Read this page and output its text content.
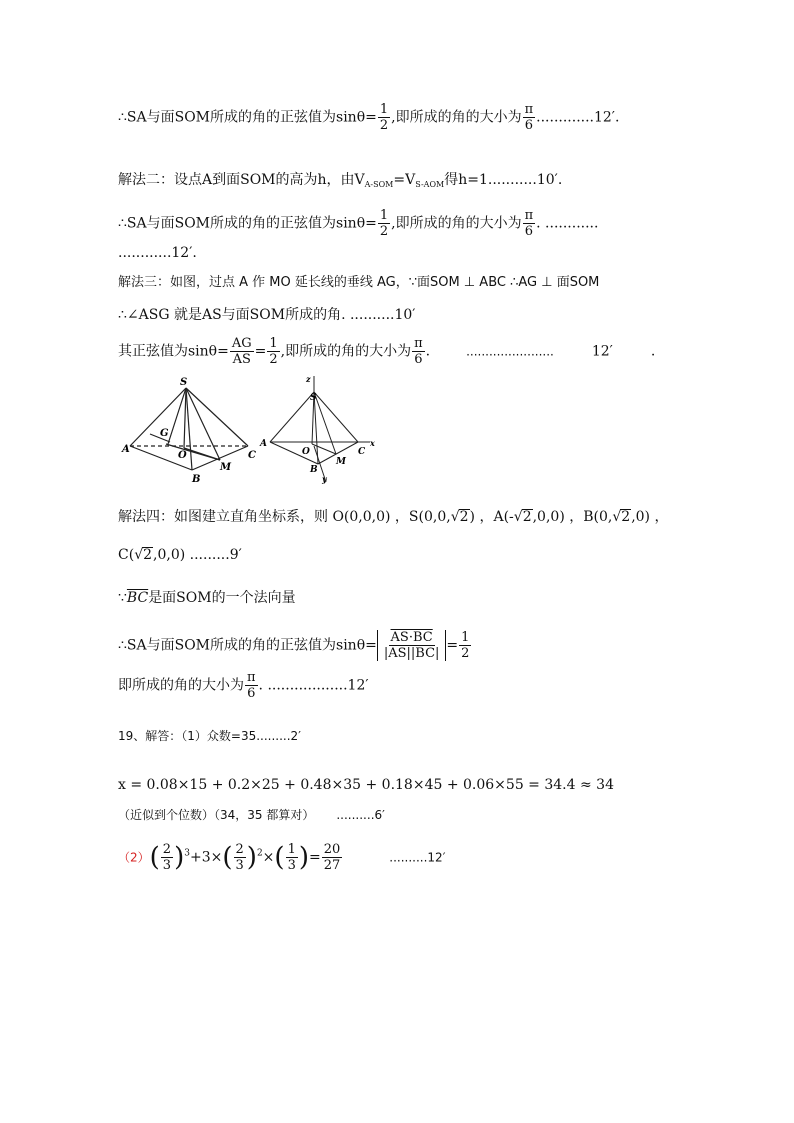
∴SA与面SOM所成的角的正弦值为$\sin\theta= \frac{1}{2}$ ,即所成的角的大小为 $\frac{\pi}{6} .............12'$.
解法二：设点A到面SOM的高为h，由$V_{A-SOM}=V_{S-AOM}$得h=1...........10′.
∴SA与面SOM所成的角的正弦值为$\sin\theta= \frac{1}{2}$ ,即所成的角的大小为 $\frac{\pi}{6}$ . ............
............12′.
解法三：如图，过点 A 作 MO 延长线的垂线 AG，∵面SOM ⊥ ABC ∴AG ⊥ 面SOM
∴∠ASG 就是AS与面SOM所成的角. ..........10′
其正弦值为$\sin\theta= \frac{AG}{AS} = \frac{1}{2}$ ,即所成的角的大小为 $\frac{\pi}{6}$ .	.......................	12′	.
S
G
A
O
M
C
B
z
S
A
O
M
C
B
x
y
解法四：如图建立直角坐标系，则 O(0,0,0) ，S(0,0,√2) ，A(-√2,0,0) ，B(0,√2,0) ，
C(√2,0,0) .........9′
$\because\overline{BC}$是面SOM的一个法向量
∴SA与面SOM所成的角的正弦值为$\sin\theta= \frac{AS\cdot BC}{|AS||BC|} = \frac{1}{2}$
即所成的角的大小为 $\frac{\pi}{6}$ . ..................12′
19、解答：（1）众数=35.........2′
x = 0.08×15 + 0.2×25 + 0.48×35 + 0.18×45 + 0.06×55 = 34.4 ≈ 34
（近似到个位数）（34，35 都算对） ..........6′
$(2)( \frac{2}{3} )^3+3\times( \frac{2}{3} )^2\times( \frac{1}{3}$ )= $\frac{20}{27}$	..........12′
